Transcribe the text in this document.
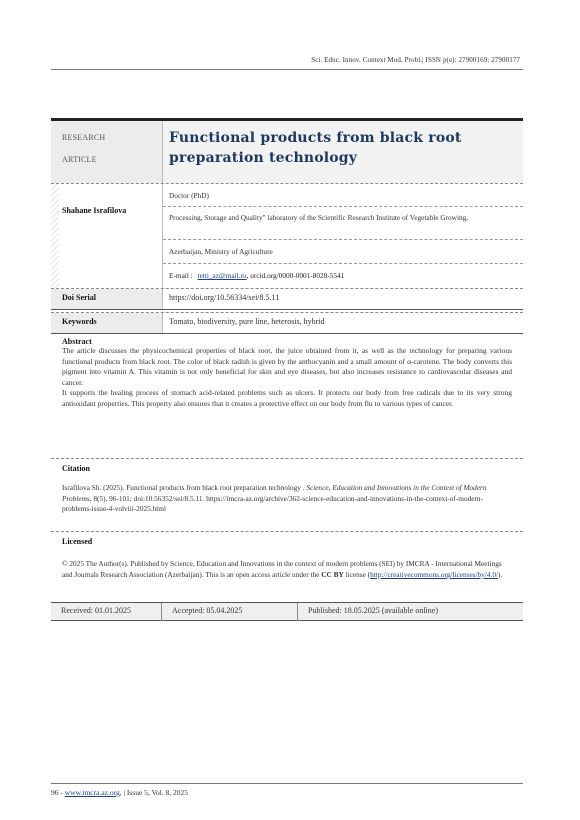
Sci. Educ. Innov. Context Mod. Probl.| ISSN p(e): 27900169; 27900177
RESEARCH
ARTICLE
Functional products from black root preparation technology
Shahane Israfilova
Doctor (PhD)
Processing, Storage and Quality" laboratory of the Scientific Research Institute of Vegetable Growing,
Azerbaijan, Ministry of Agriculture
E-mail : tetti_az@mail.ru, orcid.org/0000-0001-8028-5541
Doi Serial	https://doi.org/10.56334/sei/8.5.11
Keywords	Tomato, biodiversity, pure line, heterosis, hybrid
Abstract
The article discusses the physicochemical properties of black root, the juice obtained from it, as well as the technology for preparing various functional products from black root. The color of black radish is given by the anthocyanin and a small amount of α-carotene. The body converts this pigment into vitamin A. This vitamin is not only beneficial for skin and eye diseases, but also increases resistance to cardiovascular diseases and cancer.
It supports the healing process of stomach acid-related problems such as ulcers. It protects our body from free radicals due to its very strong antioxidant properties. This property also ensures that it creates a protective effect on our body from flu to various types of cancer.
Citation
Israfilova Sh. (2025). Functional products from black root preparation technology . Science, Education and Innovations in the Context of Modern Problems, 8(5), 96-101; doi:10.56352/sei/8.5.11. https://imcra-az.org/archive/362-science-education-and-innovations-in-the-context-of-modern-problems-issue-4-volviii-2025.html
Licensed
© 2025 The Author(s). Published by Science, Education and Innovations in the context of modern problems (SEI) by IMCRA - International Meetings and Journals Research Association (Azerbaijan). This is an open access article under the CC BY license (http://creativecommons.org/licenses/by/4.0/).
Received: 01.01.2025	Accepted: 05.04.2025	Published: 18.05.2025 (available online)
96 - www.imcra.az.org, | Issue 5, Vol. 8, 2025
